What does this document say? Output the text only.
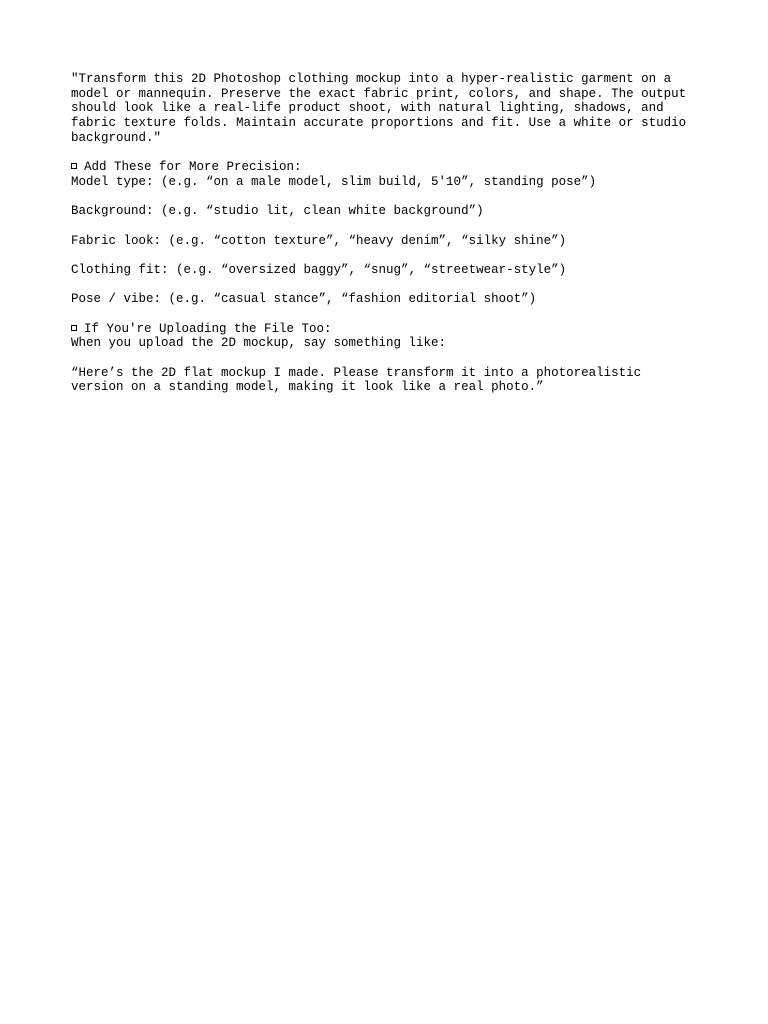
"Transform this 2D Photoshop clothing mockup into a hyper-realistic garment on a
model or mannequin. Preserve the exact fabric print, colors, and shape. The output
should look like a real-life product shoot, with natural lighting, shadows, and
fabric texture folds. Maintain accurate proportions and fit. Use a white or studio
background."
Add These for More Precision:
Model type: (e.g. “on a male model, slim build, 5'10”, standing pose”)
Background: (e.g. “studio lit, clean white background”)
Fabric look: (e.g. “cotton texture”, “heavy denim”, “silky shine”)
Clothing fit: (e.g. “oversized baggy”, “snug”, “streetwear-style”)
Pose / vibe: (e.g. “casual stance”, “fashion editorial shoot”)
If You're Uploading the File Too:
When you upload the 2D mockup, say something like:
“Here’s the 2D flat mockup I made. Please transform it into a photorealistic
version on a standing model, making it look like a real photo.”
